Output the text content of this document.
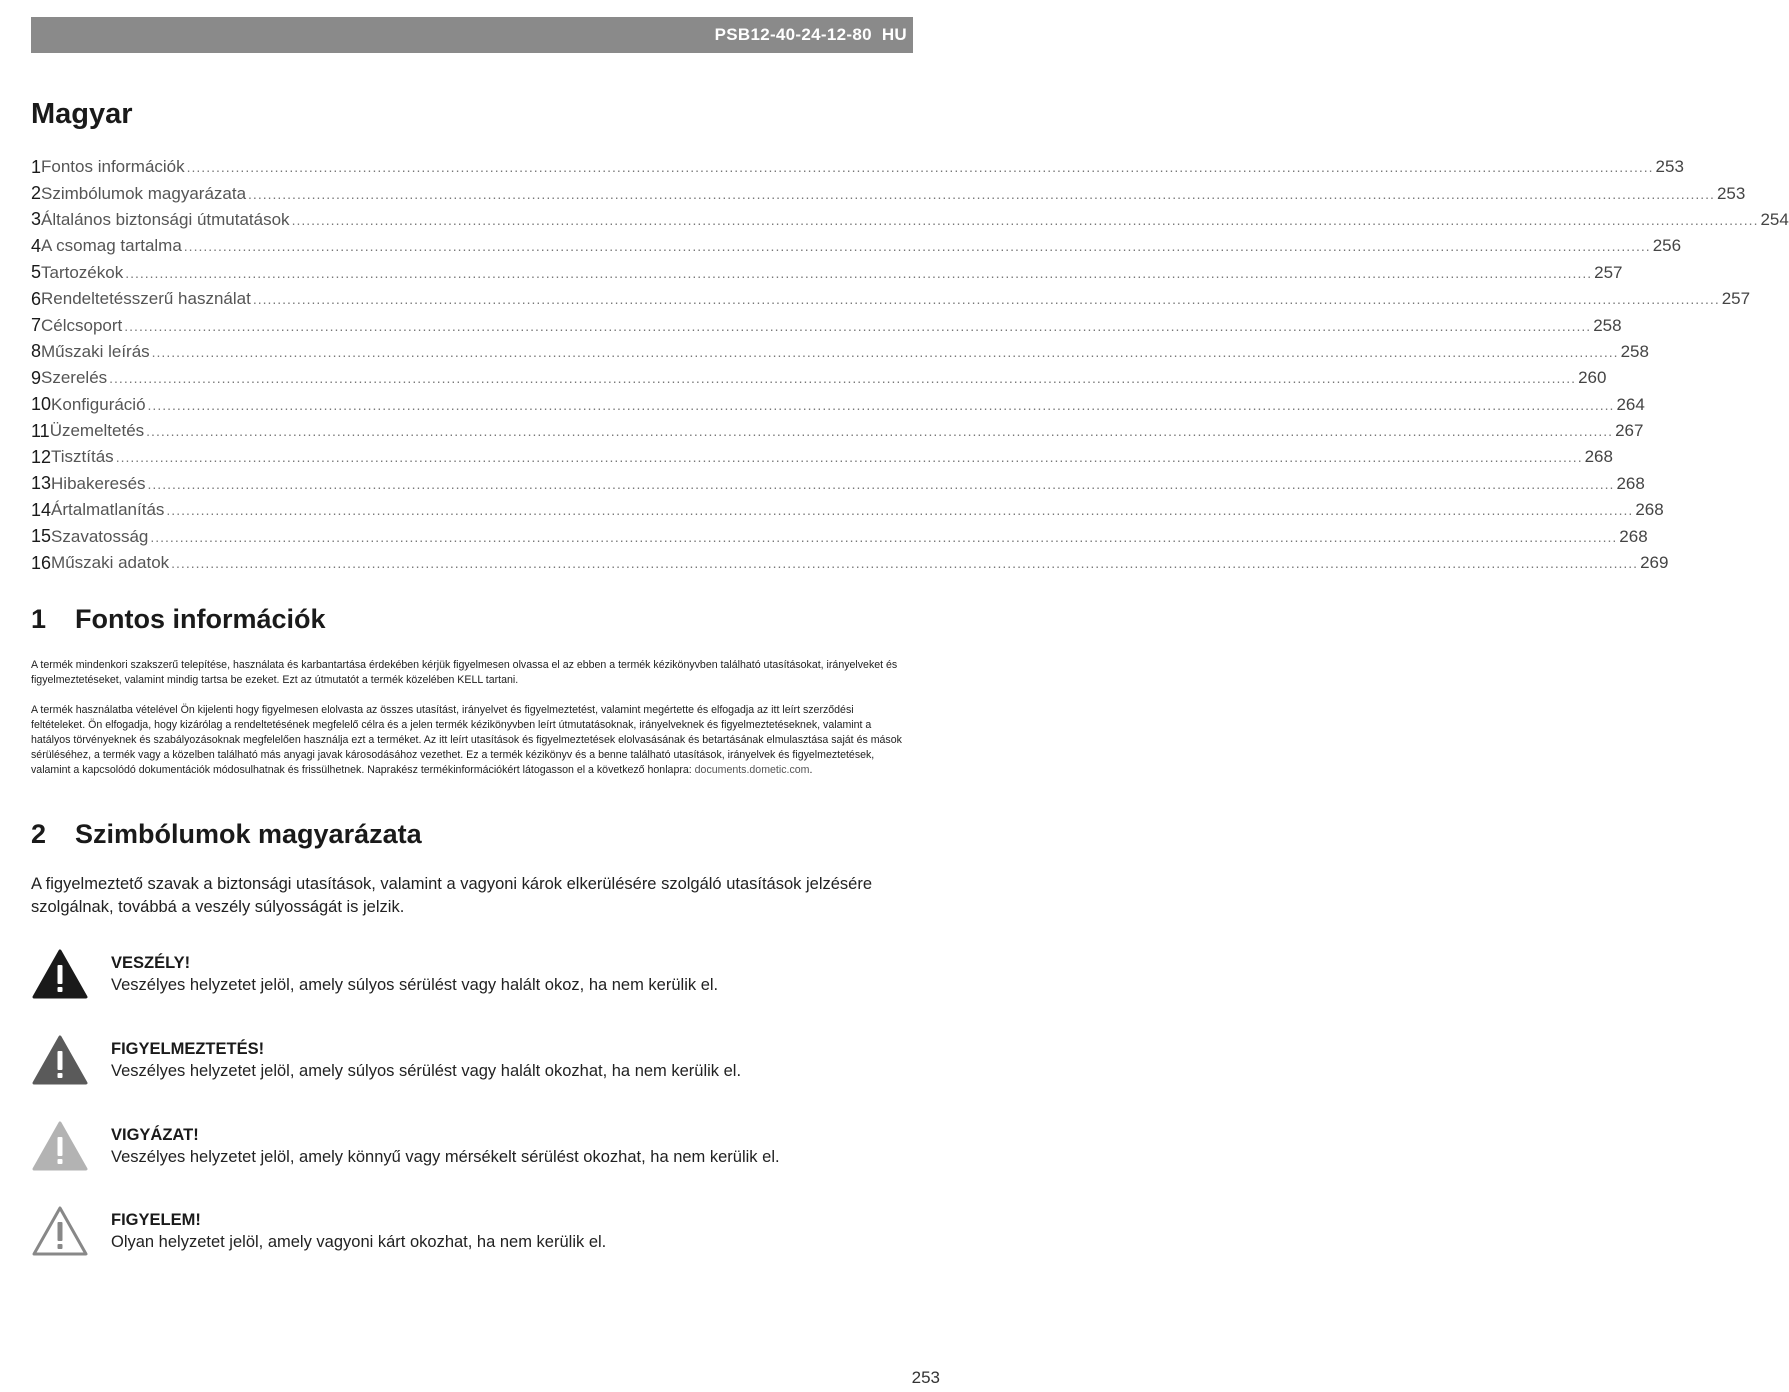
PSB12-40-24-12-80 HU
Magyar
1 Fontos információk ............................................................................................................................................................................................................................................................................................................ 253
2 Szimbólumok magyarázata ............................................................................................................................................................................................................................................................................................................ 253
3 Általános biztonsági útmutatások ............................................................................................................................................................................................................................................................................................................ 254
4 A csomag tartalma ............................................................................................................................................................................................................................................................................................................ 256
5 Tartozékok ............................................................................................................................................................................................................................................................................................................ 257
6 Rendeltetésszerű használat ............................................................................................................................................................................................................................................................................................................ 257
7 Célcsoport ............................................................................................................................................................................................................................................................................................................ 258
8 Műszaki leírás ............................................................................................................................................................................................................................................................................................................ 258
9 Szerelés ............................................................................................................................................................................................................................................................................................................ 260
10 Konfiguráció ............................................................................................................................................................................................................................................................................................................ 264
11 Üzemeltetés ............................................................................................................................................................................................................................................................................................................ 267
12 Tisztítás ............................................................................................................................................................................................................................................................................................................ 268
13 Hibakeresés ............................................................................................................................................................................................................................................................................................................ 268
14 Ártalmatlanítás ............................................................................................................................................................................................................................................................................................................ 268
15 Szavatosság ............................................................................................................................................................................................................................................................................................................ 268
16 Műszaki adatok ............................................................................................................................................................................................................................................................................................................ 269
1 Fontos információk

A termék mindenkori szakszerű telepítése, használata és karbantartása érdekében kérjük figyelmesen olvassa el az ebben a termék kézikönyvben található utasításokat, irányelveket és figyelmeztetéseket, valamint mindig tartsa be ezeket. Ezt az útmutatót a termék közelében KELL tartani.

A termék használatba vételével Ön kijelenti hogy figyelmesen elolvasta az összes utasítást, irányelvet és figyelmeztetést, valamint megértette és elfogadja az itt leírt szerződési feltételeket. Ön elfogadja, hogy kizárólag a rendeltetésének megfelelő célra és a jelen termék kézikönyvben leírt útmutatásoknak, irányelveknek és figyelmeztetéseknek, valamint a hatályos törvényeknek és szabályozásoknak megfelelően használja ezt a terméket. Az itt leírt utasítások és figyelmeztetések elolvasásának és betartásának elmulasztása saját és mások sérüléséhez, a termék vagy a közelben található más anyagi javak károsodásához vezethet. Ez a termék kézikönyv és a benne található utasítások, irányelvek és figyelmeztetések, valamint a kapcsolódó dokumentációk módosulhatnak és frissülhetnek. Naprakész termékinformációkért látogasson el a következő honlapra: documents.dometic.com.

2 Szimbólumok magyarázata

A figyelmeztető szavak a biztonsági utasítások, valamint a vagyoni károk elkerülésére szolgáló utasítások jelzésére szolgálnak, továbbá a veszély súlyosságát is jelzik.

VESZÉLY!
Veszélyes helyzetet jelöl, amely súlyos sérülést vagy halált okoz, ha nem kerülik el.
FIGYELMEZTETÉS!
Veszélyes helyzetet jelöl, amely súlyos sérülést vagy halált okozhat, ha nem kerülik el.
VIGYÁZAT!
Veszélyes helyzetet jelöl, amely könnyű vagy mérsékelt sérülést okozhat, ha nem kerülik el.
FIGYELEM!
Olyan helyzetet jelöl, amely vagyoni kárt okozhat, ha nem kerülik el.
253
